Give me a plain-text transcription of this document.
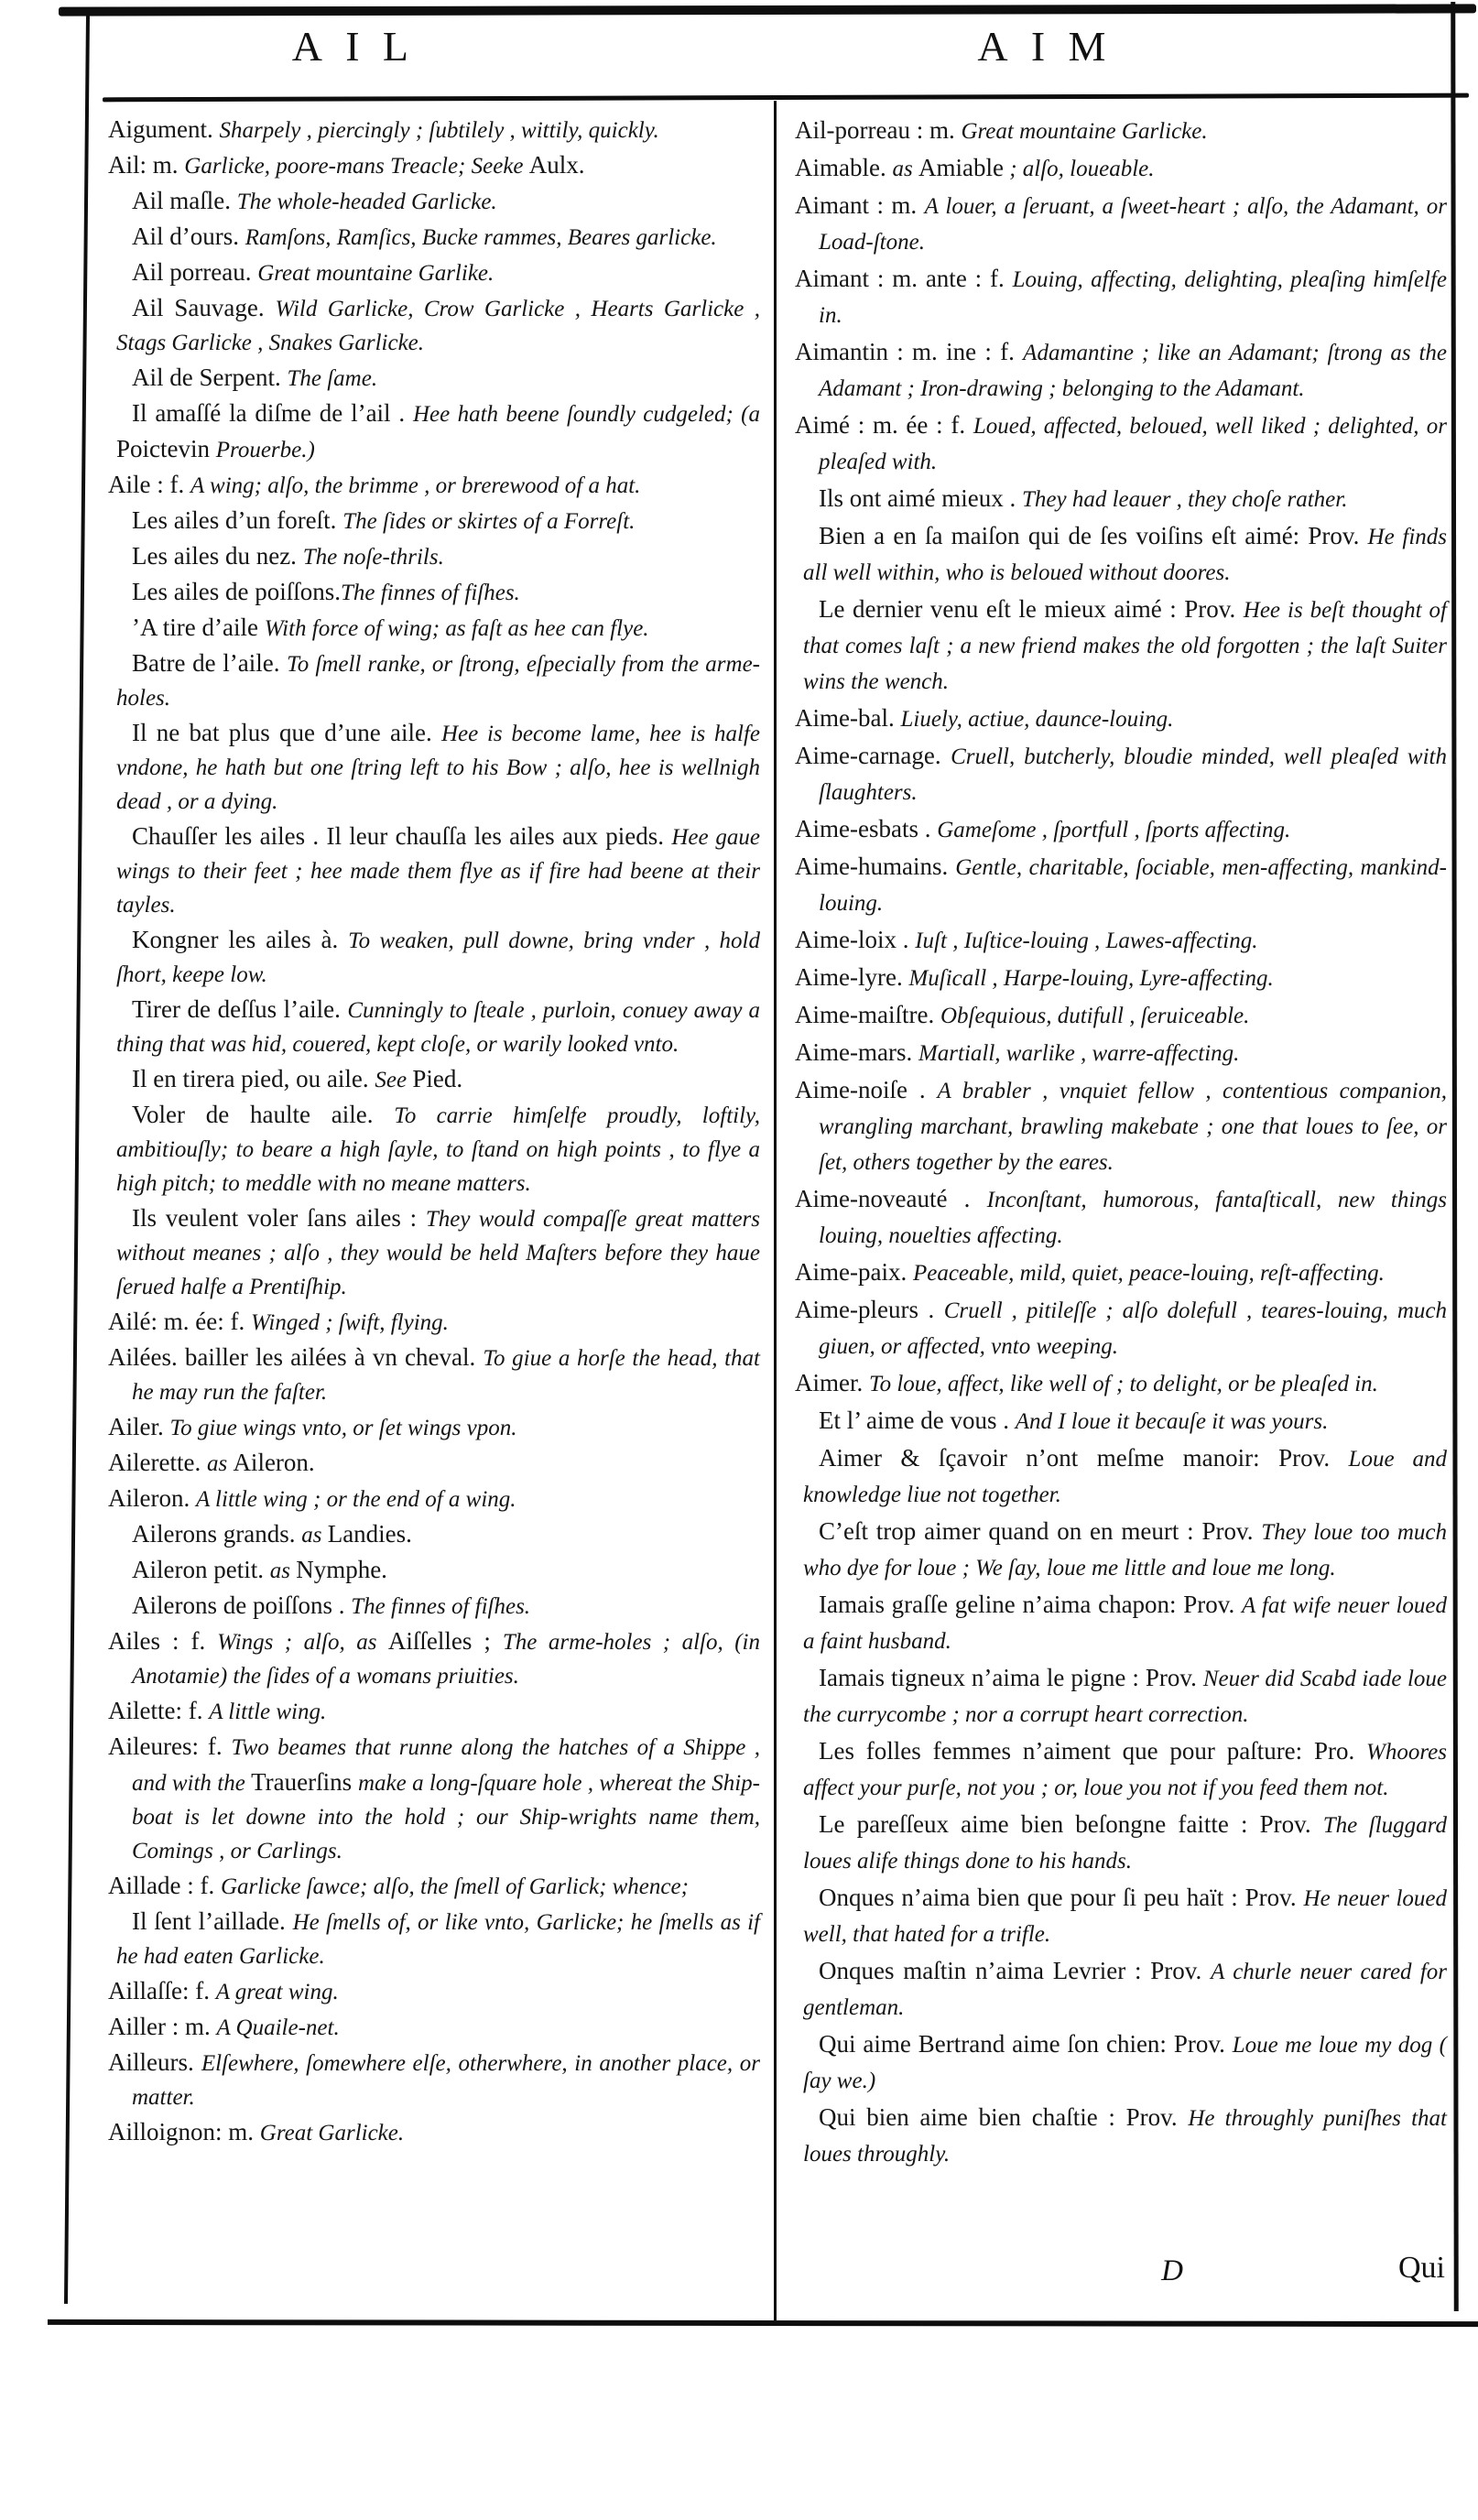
AIL	AIM

Aigument. Sharpely , piercingly ; ſubtilely , wittily, quickly.

Ail: m. Garlicke, poore-mans Treacle; Seeke Aulx.

Ail maſle. The whole-headed Garlicke.

Ail d’ours. Ramſons, Ramſics, Bucke rammes, Beares garlicke.

Ail porreau. Great mountaine Garlike.

Ail Sauvage. Wild Garlicke, Crow Garlicke , Hearts Garlicke , Stags Garlicke , Snakes Garlicke.

Ail de Serpent. The ſame.

Il amaſſé la diſme de l’ail . Hee hath beene ſoundly cudgeled; (a Poictevin Prouerbe.)

Aile : f. A wing; alſo, the brimme , or brerewood of a hat.

Les ailes d’un foreſt. The ſides or skirtes of a Forreſt.

Les ailes du nez. The noſe-thrils.

Les ailes de poiſſons.The finnes of fiſhes.

’A tire d’aile With force of wing; as faſt as hee can flye.

Batre de l’aile. To ſmell ranke, or ſtrong, eſpecially from the arme-holes.

Il ne bat plus que d’une aile. Hee is become lame, hee is halfe vndone, he hath but one ſtring left to his Bow ; alſo, hee is wellnigh dead , or a dying.

Chauſſer les ailes . Il leur chauſſa les ailes aux pieds. Hee gaue wings to their feet ; hee made them flye as if fire had beene at their tayles.

Kongner les ailes à. To weaken, pull downe, bring vnder , hold ſhort, keepe low.

Tirer de deſſus l’aile. Cunningly to ſteale , purloin, conuey away a thing that was hid, couered, kept cloſe, or warily looked vnto.

Il en tirera pied, ou aile. See Pied.

Voler de haulte aile. To carrie himſelfe proudly, loftily, ambitiouſly; to beare a high ſayle, to ſtand on high points , to flye a high pitch; to meddle with no meane matters.

Ils veulent voler ſans ailes : They would compaſſe great matters without meanes ; alſo , they would be held Maſters before they haue ſerued halfe a Prentiſhip.

Ailé: m. ée: f. Winged ; ſwift, flying.

Ailées. bailler les ailées à vn cheval. To giue a horſe the head, that he may run the faſter.

Ailer. To giue wings vnto, or ſet wings vpon.

Ailerette. as Aileron.

Aileron. A little wing ; or the end of a wing.

Ailerons grands. as Landies.

Aileron petit. as Nymphe.

Ailerons de poiſſons . The finnes of fiſhes.

Ailes : f. Wings ; alſo, as Aiſſelles ; The arme-holes ; alſo, (in Anotamie) the ſides of a womans priuities.

Ailette: f. A little wing.

Aileures: f. Two beames that runne along the hatches of a Shippe , and with the Trauerſins make a long-ſquare hole , whereat the Ship-boat is let downe into the hold ; our Ship-wrights name them, Comings , or Carlings.

Aillade : f. Garlicke ſawce; alſo, the ſmell of Garlick; whence;

Il ſent l’aillade. He ſmells of, or like vnto, Garlicke; he ſmells as if he had eaten Garlicke.

Aillaſſe: f. A great wing.

Ailler : m. A Quaile-net.

Ailleurs. Elſewhere, ſomewhere elſe, otherwhere, in another place, or matter.

Ailloignon: m. Great Garlicke.

Ail-porreau : m. Great mountaine Garlicke.

Aimable. as Amiable ; alſo, loueable.

Aimant : m. A louer, a ſeruant, a ſweet-heart ; alſo, the Adamant, or Load-ſtone.

Aimant : m. ante : f. Louing, affecting, delighting, pleaſing himſelfe in.

Aimantin : m. ine : f. Adamantine ; like an Adamant; ſtrong as the Adamant ; Iron-drawing ; belonging to the Adamant.

Aimé : m. ée : f. Loued, affected, beloued, well liked ; delighted, or pleaſed with.

Ils ont aimé mieux . They had leauer , they choſe rather.

Bien a en ſa maiſon qui de ſes voiſins eſt aimé: Prov. He finds all well within, who is beloued without doores.

Le dernier venu eſt le mieux aimé : Prov. Hee is beſt thought of that comes laſt ; a new friend makes the old forgotten ; the laſt Suiter wins the wench.

Aime-bal. Liuely, actiue, daunce-louing.

Aime-carnage. Cruell, butcherly, bloudie minded, well pleaſed with ſlaughters.

Aime-esbats . Gameſome , ſportfull , ſports affecting.

Aime-humains. Gentle, charitable, ſociable, men-affecting, mankind-louing.

Aime-loix . Iuſt , Iuſtice-louing , Lawes-affecting.

Aime-lyre. Muſicall , Harpe-louing, Lyre-affecting.

Aime-maiſtre. Obſequious, dutifull , ſeruiceable.

Aime-mars. Martiall, warlike , warre-affecting.

Aime-noiſe . A brabler , vnquiet fellow , contentious companion, wrangling marchant, brawling makebate ; one that loues to ſee, or ſet, others together by the eares.

Aime-noveauté . Inconſtant, humorous, fantaſticall, new things louing, nouelties affecting.

Aime-paix. Peaceable, mild, quiet, peace-louing, reſt-affecting.

Aime-pleurs . Cruell , pitileſſe ; alſo dolefull , teares-louing, much giuen, or affected, vnto weeping.

Aimer. To loue, affect, like well of ; to delight, or be pleaſed in.

Et l’ aime de vous . And I loue it becauſe it was yours.

Aimer & ſçavoir n’ont meſme manoir: Prov. Loue and knowledge liue not together.

C’eſt trop aimer quand on en meurt : Prov. They loue too much who dye for loue ; We ſay, loue me little and loue me long.

Iamais graſſe geline n’aima chapon: Prov. A fat wife neuer loued a faint husband.

Iamais tigneux n’aima le pigne : Prov. Neuer did Scabd iade loue the currycombe ; nor a corrupt heart correction.

Les folles femmes n’aiment que pour paſture: Pro. Whoores affect your purſe, not you ; or, loue you not if you feed them not.

Le pareſſeux aime bien beſongne faitte : Prov. The ſluggard loues alife things done to his hands.

Onques n’aima bien que pour ſi peu haït : Prov. He neuer loued well, that hated for a trifle.

Onques maſtin n’aima Levrier : Prov. A churle neuer cared for gentleman.

Qui aime Bertrand aime ſon chien: Prov. Loue me loue my dog ( ſay we.)

Qui bien aime bien chaſtie : Prov. He throughly puniſhes that loues throughly.

D	Qui
